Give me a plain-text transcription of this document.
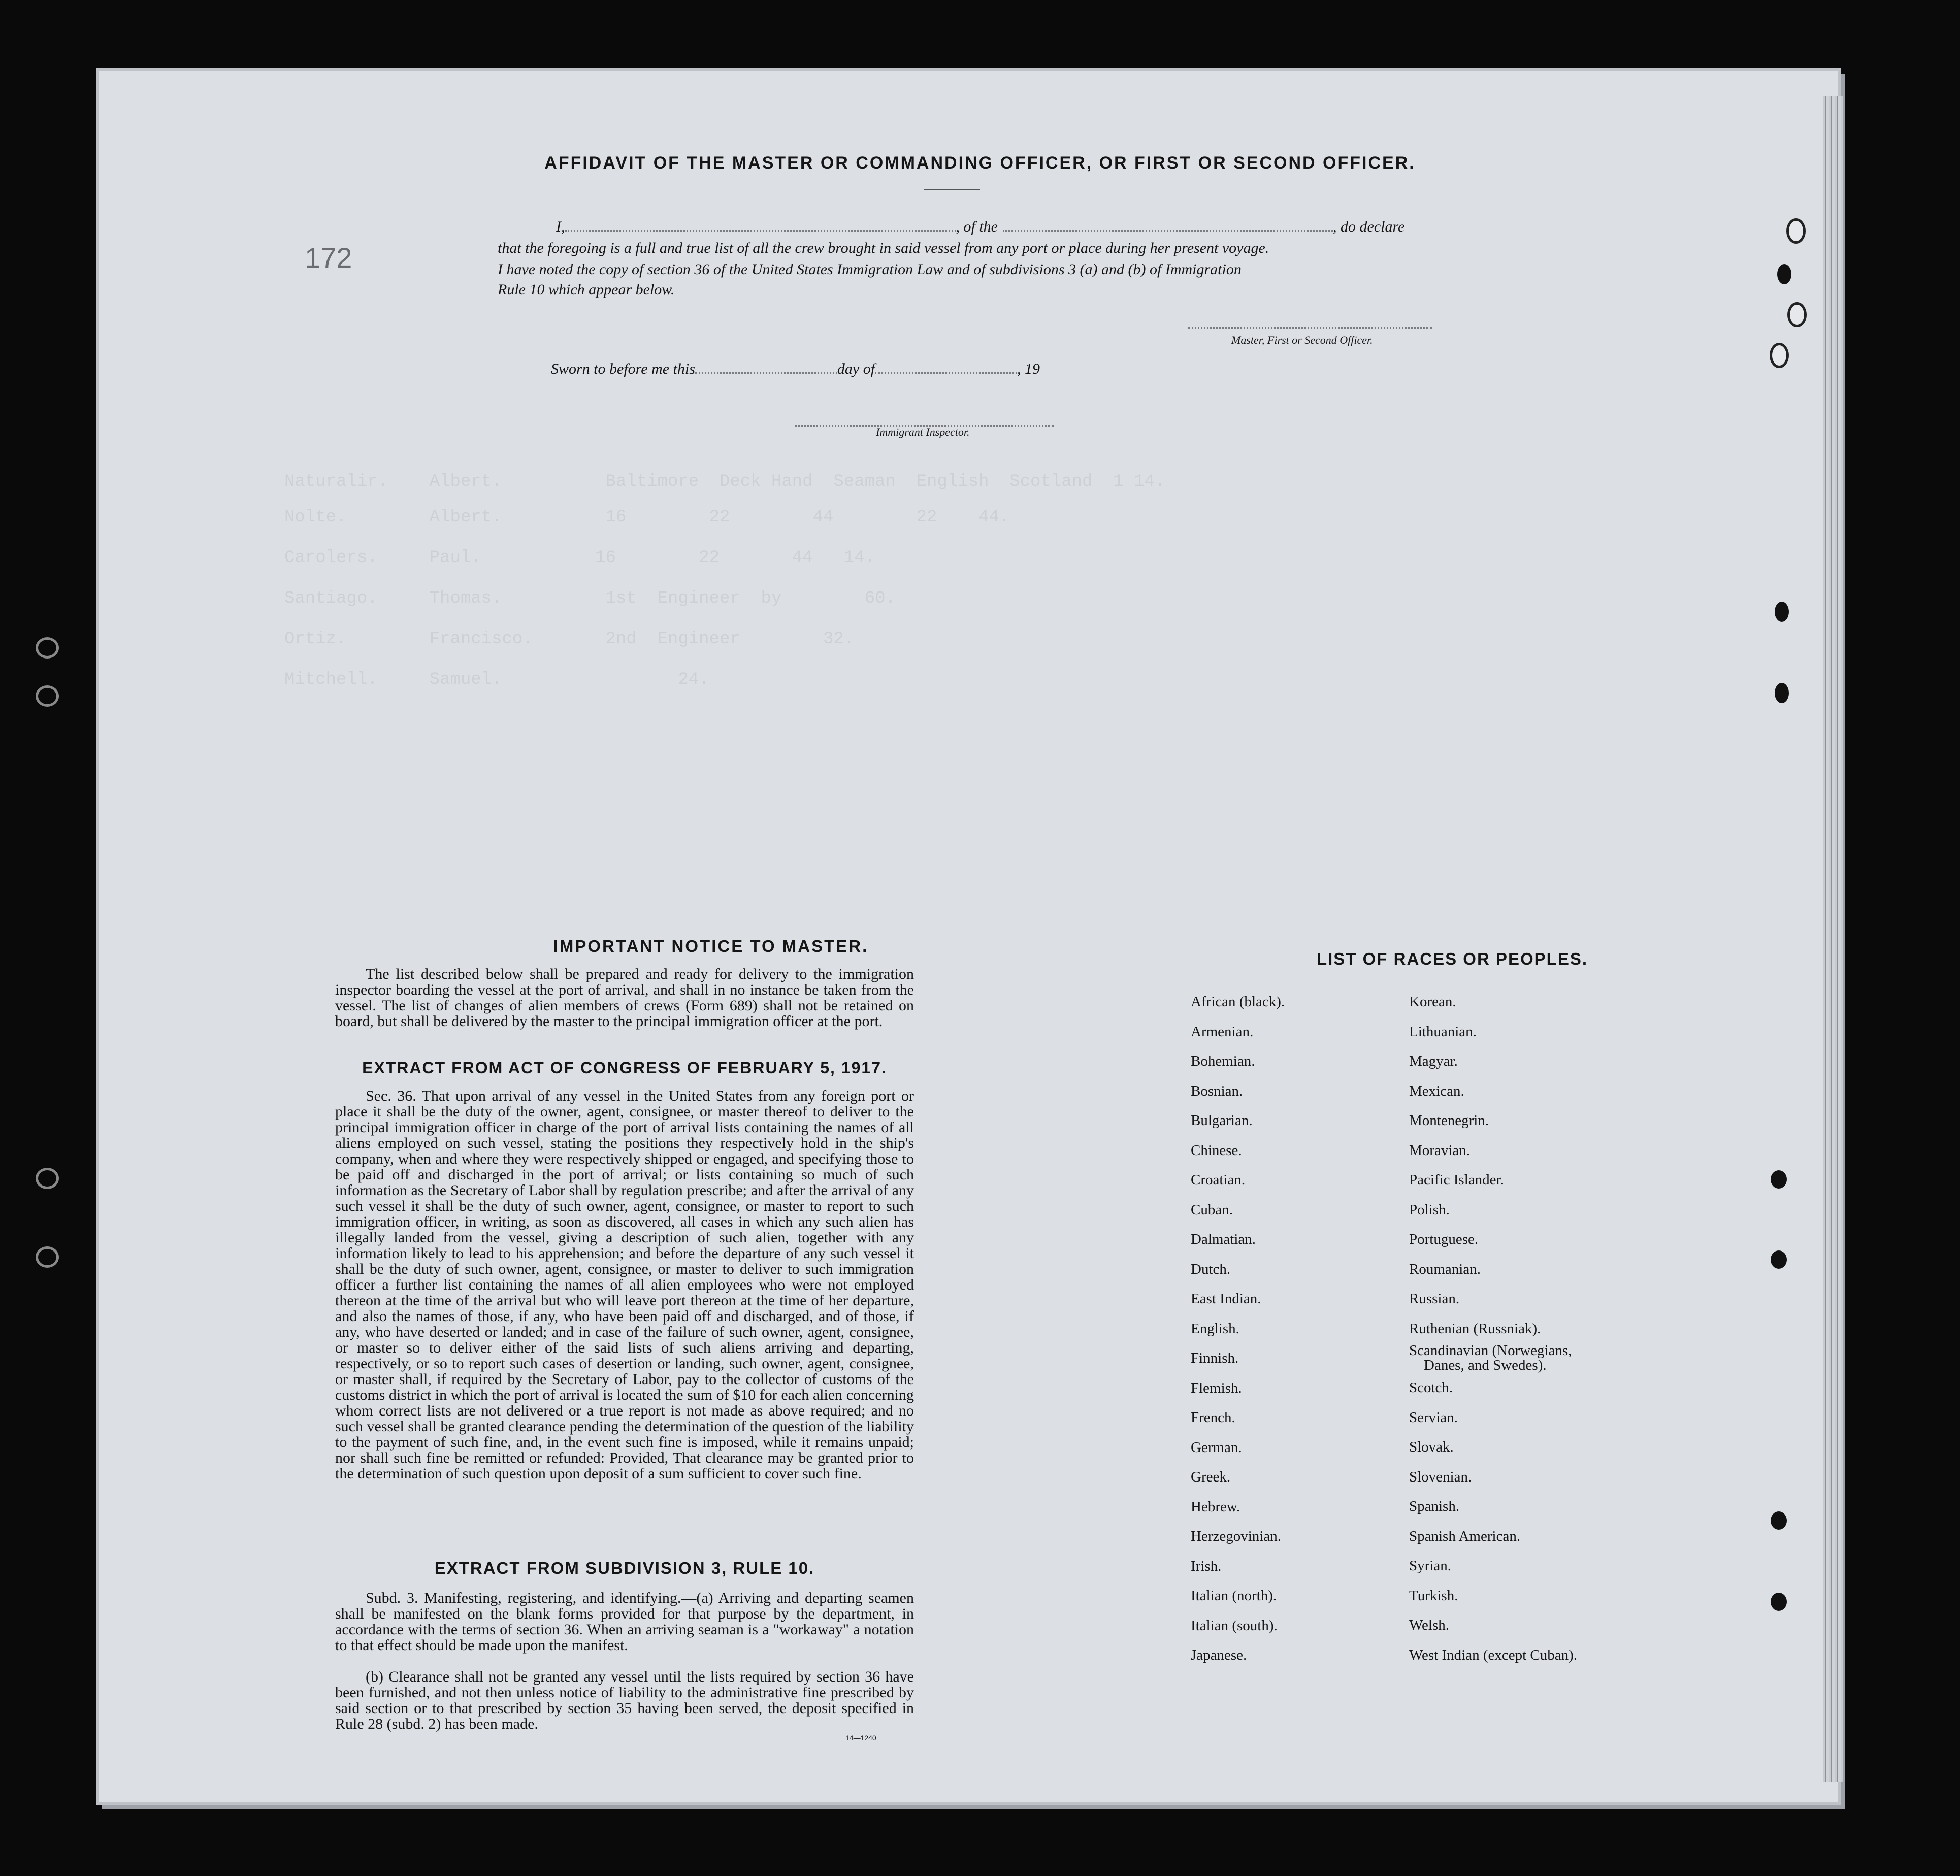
Naturalir.    Albert.          Baltimore  Deck Hand  Seaman  English  Scotland  1 14.
Nolte.        Albert.          16        22        44        22    44.
Carolers.     Paul.           16        22       44   14.
Santiago.     Thomas.          1st  Engineer  by        60.
Ortiz.        Francisco.       2nd  Engineer        32.
Mitchell.     Samuel.                 24.
172
AFFIDAVIT OF THE MASTER OR COMMANDING OFFICER, OR FIRST OR SECOND OFFICER.
I,	, of the	, do declare
that the foregoing is a full and true list of all the crew brought in said vessel from any port or place during her present voyage.
I have noted the copy of section 36 of the United States Immigration Law and of subdivisions 3 (a) and (b) of Immigration
Rule 10 which appear below.
Master, First or Second Officer.
Sworn to before me this	day of	, 19
Immigrant Inspector.
IMPORTANT NOTICE TO MASTER.
The list described below shall be prepared and ready for delivery to the immigration inspector boarding the vessel at the port of arrival, and shall in no instance be taken from the vessel. The list of changes of alien members of crews (Form 689) shall not be retained on board, but shall be delivered by the master to the principal immigration officer at the port.
EXTRACT FROM ACT OF CONGRESS OF FEBRUARY 5, 1917.
Sec. 36. That upon arrival of any vessel in the United States from any foreign port or place it shall be the duty of the owner, agent, consignee, or master thereof to deliver to the principal immigration officer in charge of the port of arrival lists containing the names of all aliens employed on such vessel, stating the positions they respectively hold in the ship's company, when and where they were respectively shipped or engaged, and specifying those to be paid off and discharged in the port of arrival; or lists containing so much of such information as the Secretary of Labor shall by regulation prescribe; and after the arrival of any such vessel it shall be the duty of such owner, agent, consignee, or master to report to such immigration officer, in writing, as soon as discovered, all cases in which any such alien has illegally landed from the vessel, giving a description of such alien, together with any information likely to lead to his apprehension; and before the departure of any such vessel it shall be the duty of such owner, agent, consignee, or master to deliver to such immigration officer a further list containing the names of all alien employees who were not employed thereon at the time of the arrival but who will leave port thereon at the time of her departure, and also the names of those, if any, who have been paid off and discharged, and of those, if any, who have deserted or landed; and in case of the failure of such owner, agent, consignee, or master so to deliver either of the said lists of such aliens arriving and departing, respectively, or so to report such cases of desertion or landing, such owner, agent, consignee, or master shall, if required by the Secretary of Labor, pay to the collector of customs of the customs district in which the port of arrival is located the sum of $10 for each alien concerning whom correct lists are not delivered or a true report is not made as above required; and no such vessel shall be granted clearance pending the determination of the question of the liability to the payment of such fine, and, in the event such fine is imposed, while it remains unpaid; nor shall such fine be remitted or refunded: Provided, That clearance may be granted prior to the determination of such question upon deposit of a sum sufficient to cover such fine.
EXTRACT FROM SUBDIVISION 3, RULE 10.
Subd. 3. Manifesting, registering, and identifying.—(a) Arriving and departing seamen shall be manifested on the blank forms provided for that purpose by the department, in accordance with the terms of section 36. When an arriving seaman is a "workaway" a notation to that effect should be made upon the manifest.
(b) Clearance shall not be granted any vessel until the lists required by section 36 have been furnished, and not then unless notice of liability to the administrative fine prescribed by said section or to that prescribed by section 35 having been served, the deposit specified in Rule 28 (subd. 2) has been made.
14—1240
LIST OF RACES OR PEOPLES.
African (black).
Armenian.
Bohemian.
Bosnian.
Bulgarian.
Chinese.
Croatian.
Cuban.
Dalmatian.
Dutch.
East Indian.
English.
Finnish.
Flemish.
French.
German.
Greek.
Hebrew.
Herzegovinian.
Irish.
Italian (north).
Italian (south).
Japanese.
Korean.
Lithuanian.
Magyar.
Mexican.
Montenegrin.
Moravian.
Pacific Islander.
Polish.
Portuguese.
Roumanian.
Russian.
Ruthenian (Russniak).
Scandinavian (Norwegians,
Danes, and Swedes).
Scotch.
Servian.
Slovak.
Slovenian.
Spanish.
Spanish American.
Syrian.
Turkish.
Welsh.
West Indian (except Cuban).
